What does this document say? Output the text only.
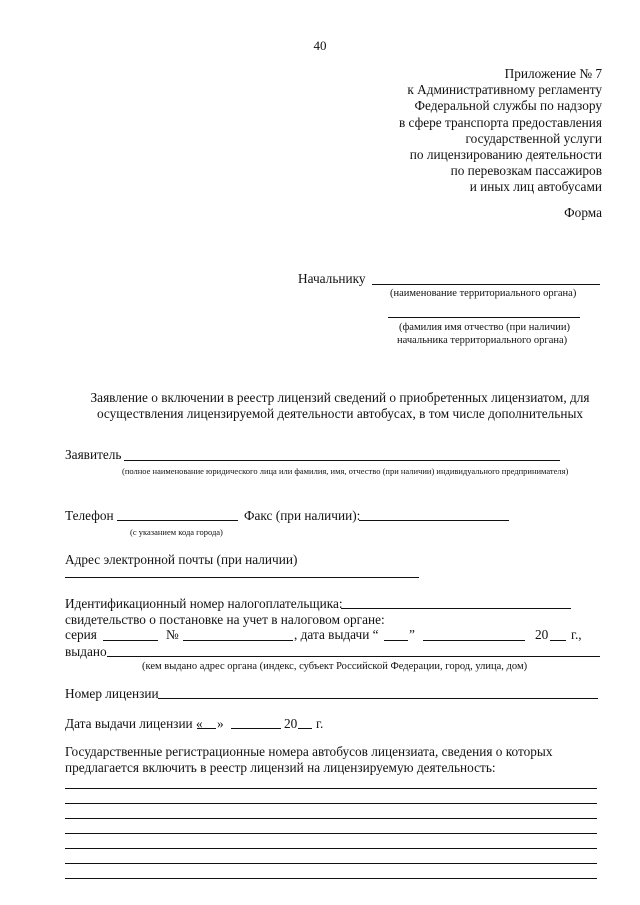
40
Приложение № 7
к Административному регламенту
Федеральной службы по надзору
в сфере транспорта предоставления
государственной услуги
по лицензированию деятельности
по перевозкам пассажиров
и иных лиц автобусами
Форма
Начальнику
(наименование территориального органа)
(фамилия имя отчество (при наличии)
начальника территориального органа)
Заявление о включении в реестр лицензий сведений о приобретенных лицензиатом, для
осуществления лицензируемой деятельности автобусах, в том числе дополнительных
Заявитель
(полное наименование юридического лица или фамилия, имя, отчество (при наличии) индивидуального предпринимателя)
Телефон	Факс (при наличии):
(с указанием кода города)
Адрес электронной почты (при наличии)
Идентификационный номер налогоплательщика:
свидетельство о постановке на учет в налоговом органе:
серия	№	, дата выдачи “ ”	20 г.,
выдано
(кем выдано адрес органа (индекс, субъект Российской Федерации, город, улица, дом)
Номер лицензии
Дата выдачи лицензии « »	20 г.
Государственные регистрационные номера автобусов лицензиата, сведения о которых
предлагается включить в реестр лицензий на лицензируемую деятельность:
